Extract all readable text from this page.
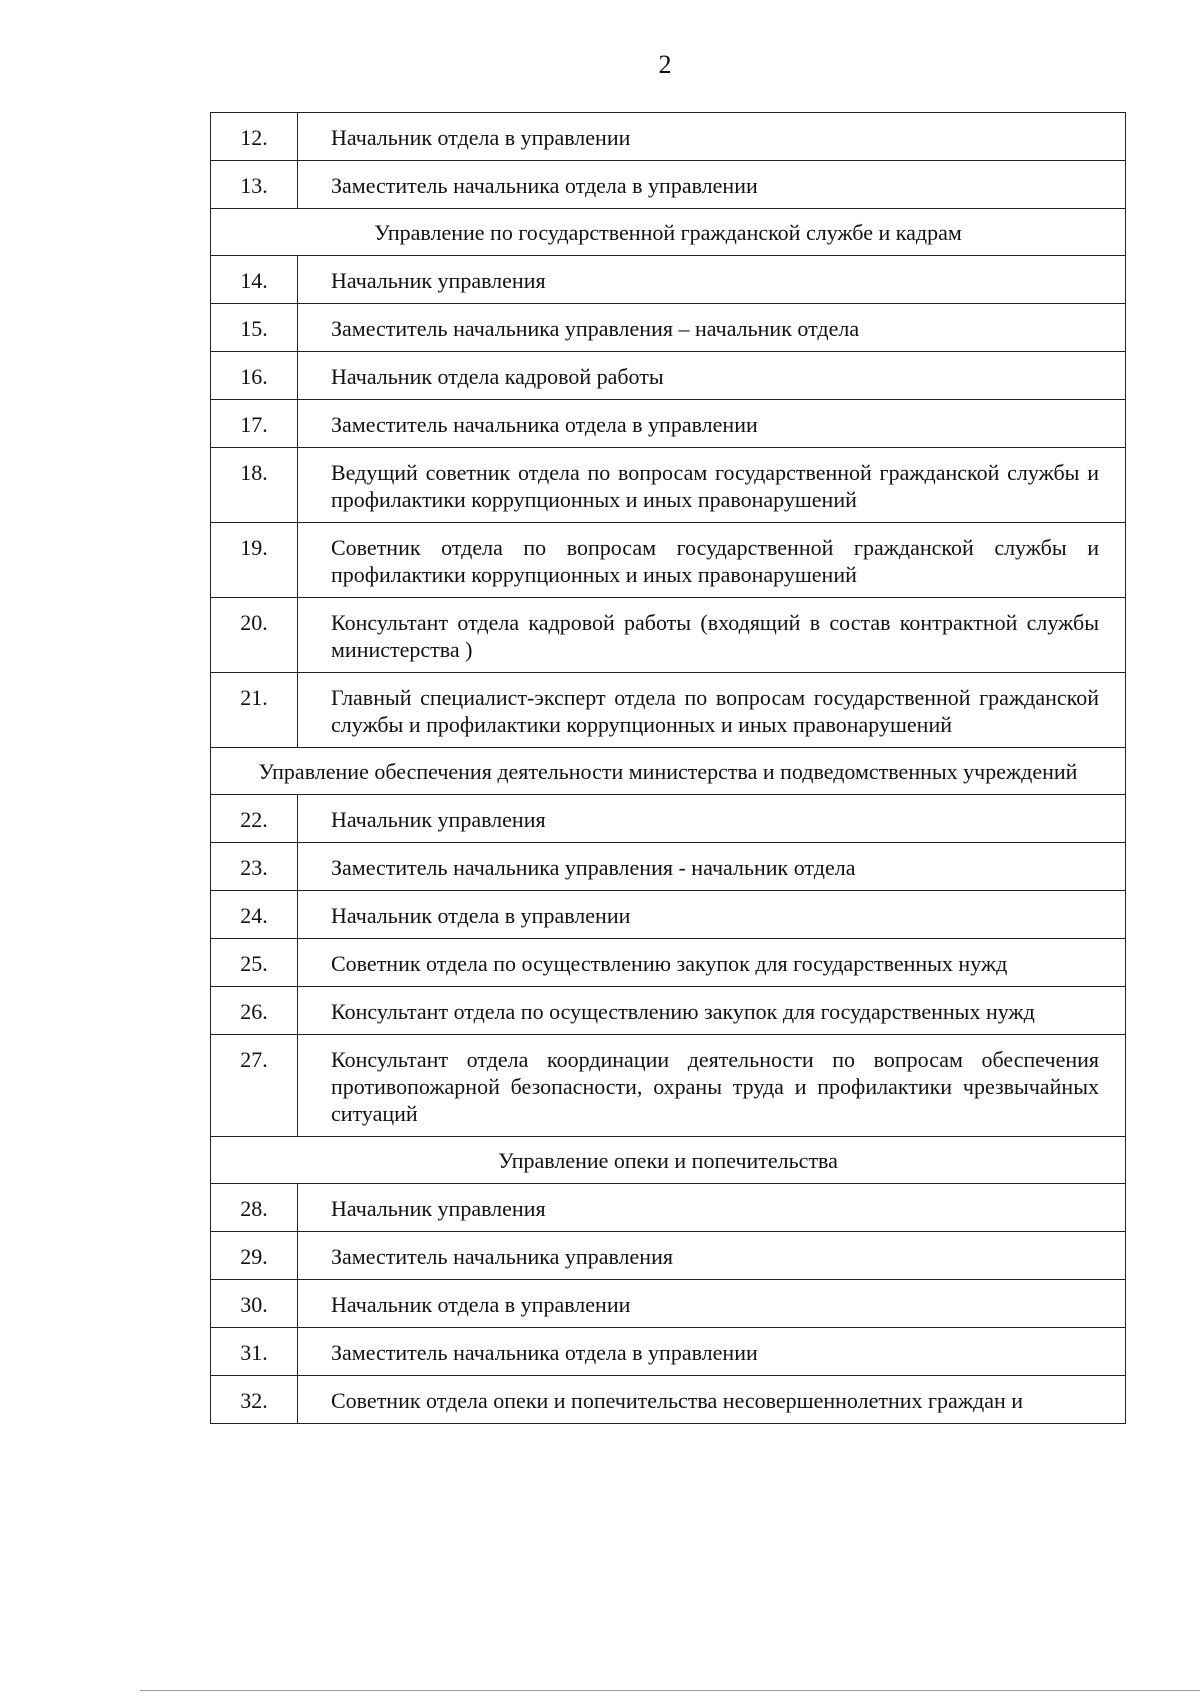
2
12.	Начальник отдела в управлении
13.	Заместитель начальника отдела в управлении
Управление по государственной гражданской службе и кадрам	
14.	Начальник управления
15.	Заместитель начальника управления – начальник отдела
16.	Начальник отдела кадровой работы
17.	Заместитель начальника отдела в управлении
18.	Ведущий советник отдела по вопросам государственной гражданской службы и профилактики коррупционных и иных правонарушений
19.	Советник отдела по вопросам государственной гражданской службы и профилактики коррупционных и иных правонарушений
20.	Консультант отдела кадровой работы (входящий в состав контрактной службы министерства )
21.	Главный специалист-эксперт отдела по вопросам государственной гражданской службы и профилактики коррупционных и иных правонарушений
Управление обеспечения деятельности министерства и подведомственных учреждений	
22.	Начальник управления
23.	Заместитель начальника управления - начальник отдела
24.	Начальник отдела в управлении
25.	Советник отдела по осуществлению закупок для государственных нужд
26.	Консультант отдела по осуществлению закупок для государственных нужд
27.	Консультант отдела координации деятельности по вопросам обеспечения противопожарной безопасности, охраны труда и профилактики чрезвычайных ситуаций
Управление опеки и попечительства	
28.	Начальник управления
29.	Заместитель начальника управления
30.	Начальник отдела в управлении
31.	Заместитель начальника отдела в управлении
32.	Советник отдела опеки и попечительства несовершеннолетних граждан и
